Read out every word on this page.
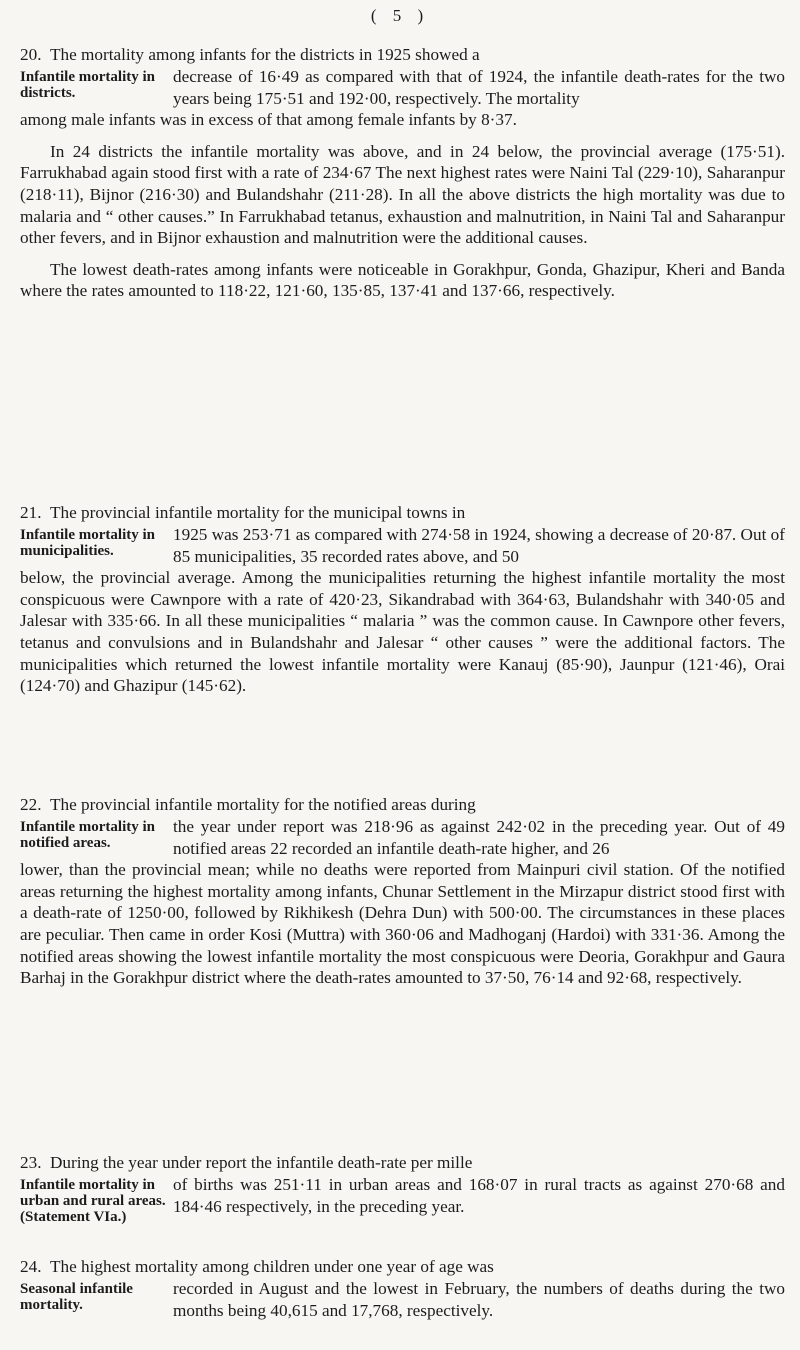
( 5 )

20. The mortality among infants for the districts in 1925 showed a

Infantile mortality in districts.

decrease of 16·49 as compared with that of 1924, the infantile death-rates for the two years being 175·51 and 192·00, respectively. The mortality

among male infants was in excess of that among female infants by 8·37.

In 24 districts the infantile mortality was above, and in 24 below, the provincial average (175·51). Farrukhabad again stood first with a rate of 234·67 The next highest rates were Naini Tal (229·10), Saharanpur (218·11), Bijnor (216·30) and Bulandshahr (211·28). In all the above districts the high mortality was due to malaria and “ other causes.” In Farrukhabad tetanus, exhaustion and malnutrition, in Naini Tal and Saharanpur other fevers, and in Bijnor exhaustion and malnutrition were the additional causes.

The lowest death-rates among infants were noticeable in Gorakhpur, Gonda, Ghazipur, Kheri and Banda where the rates amounted to 118·22, 121·60, 135·85, 137·41 and 137·66, respectively.

21. The provincial infantile mortality for the municipal towns in

Infantile mortality in municipalities.

1925 was 253·71 as compared with 274·58 in 1924, showing a decrease of 20·87. Out of 85 municipalities, 35 recorded rates above, and 50

below, the provincial average. Among the municipalities returning the highest infantile mortality the most conspicuous were Cawnpore with a rate of 420·23, Sikandrabad with 364·63, Bulandshahr with 340·05 and Jalesar with 335·66. In all these municipalities “ malaria ” was the common cause. In Cawnpore other fevers, tetanus and convulsions and in Bulandshahr and Jalesar “ other causes ” were the additional factors. The municipalities which returned the lowest infantile mortality were Kanauj (85·90), Jaunpur (121·46), Orai (124·70) and Ghazipur (145·62).

22. The provincial infantile mortality for the notified areas during

Infantile mortality in notified areas.

the year under report was 218·96 as against 242·02 in the preceding year. Out of 49 notified areas 22 recorded an infantile death-rate higher, and 26

lower, than the provincial mean; while no deaths were reported from Mainpuri civil station. Of the notified areas returning the highest mortality among infants, Chunar Settlement in the Mirzapur district stood first with a death-rate of 1250·00, followed by Rikhikesh (Dehra Dun) with 500·00. The circumstances in these places are peculiar. Then came in order Kosi (Muttra) with 360·06 and Madhoganj (Hardoi) with 331·36. Among the notified areas showing the lowest infantile mortality the most conspicuous were Deoria, Gorakhpur and Gaura Barhaj in the Gorakhpur district where the death-rates amounted to 37·50, 76·14 and 92·68, respectively.

23. During the year under report the infantile death-rate per mille

Infantile mortality in urban and rural areas. (Statement VIa.)

of births was 251·11 in urban areas and 168·07 in rural tracts as against 270·68 and 184·46 respectively, in the preceding year.

24. The highest mortality among children under one year of age was

Seasonal infantile mortality.

recorded in August and the lowest in February, the numbers of deaths during the two months being 40,615 and 17,768, respectively.
